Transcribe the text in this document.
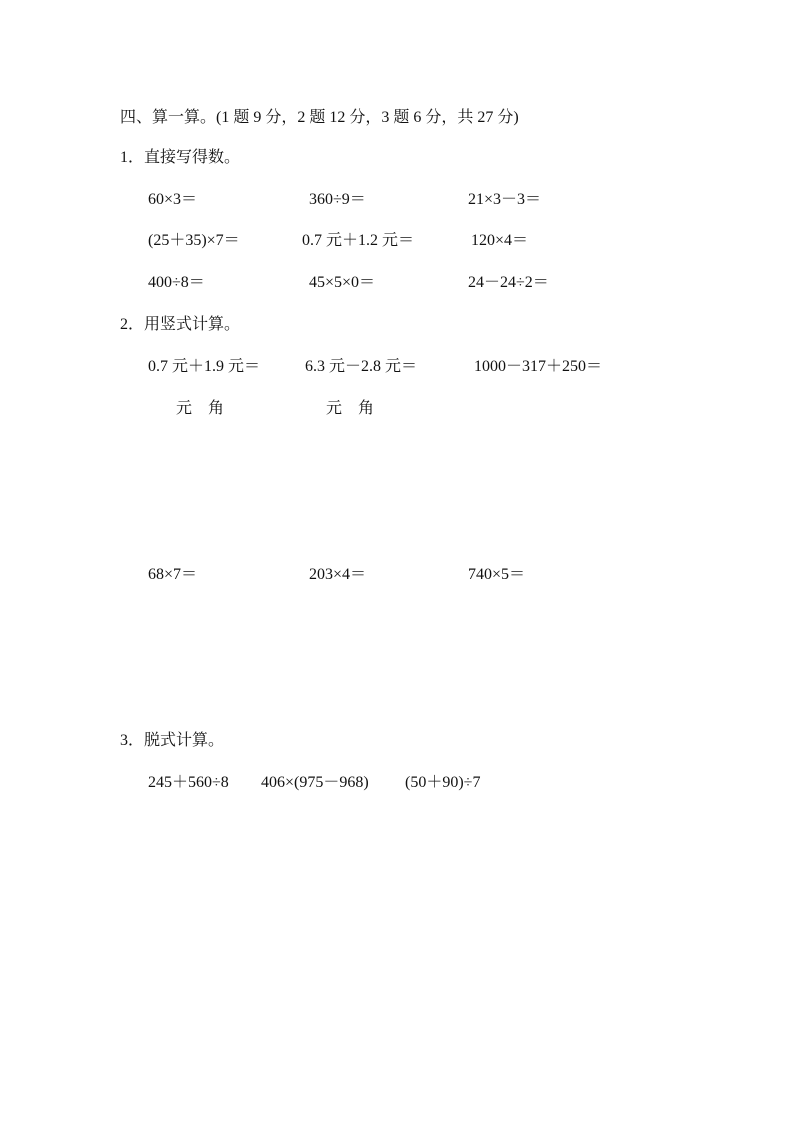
四、算一算。(1 题 9 分，2 题 12 分，3 题 6 分，共 27 分)
1．直接写得数。
60×3＝	360÷9＝	21×3－3＝
(25＋35)×7＝	0.7 元＋1.2 元＝	120×4＝
400÷8＝	45×5×0＝	24－24÷2＝
2．用竖式计算。
0.7 元＋1.9 元＝	6.3 元－2.8 元＝	1000－317＋250＝
元　角	元　角
68×7＝	203×4＝	740×5＝
3．脱式计算。
245＋560÷8 406×(975－968) (50＋90)÷7
